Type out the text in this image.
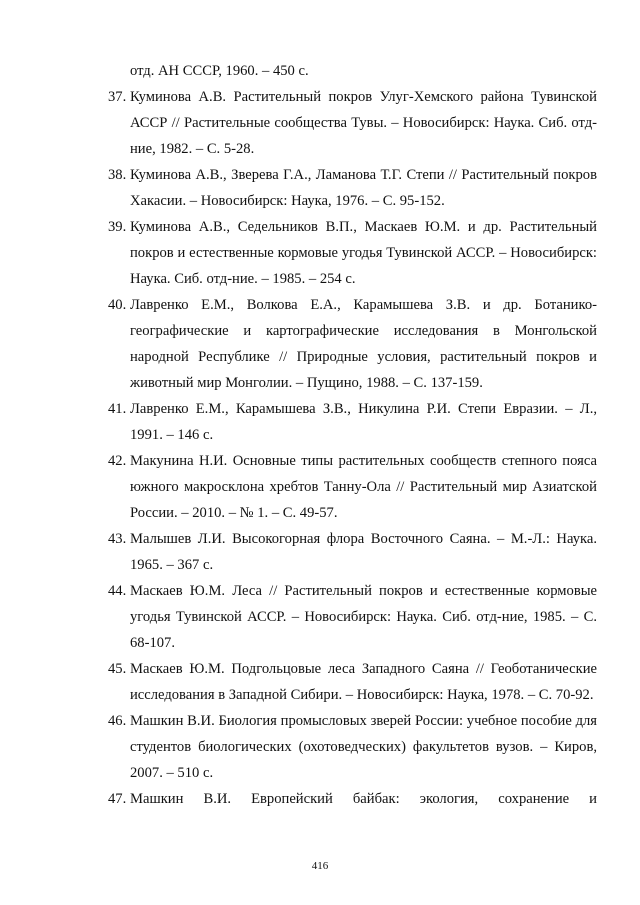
отд. АН СССР, 1960. – 450 с.

37. Куминова А.В. Растительный покров Улуг-Хемского района Тувинской АССР // Растительные сообщества Тувы. – Новосибирск: Наука. Сиб. отд-ние, 1982. – С. 5-28.

38. Куминова А.В., Зверева Г.А., Ламанова Т.Г. Степи // Растительный покров Хакасии. – Новосибирск: Наука, 1976. – С. 95-152.

39. Куминова А.В., Седельников В.П., Маскаев Ю.М. и др. Растительный покров и естественные кормовые угодья Тувинской АССР. – Новосибирск: Наука. Сиб. отд-ние. – 1985. – 254 с.

40. Лавренко Е.М., Волкова Е.А., Карамышева З.В. и др. Ботанико-географические и картографические исследования в Монгольской народной Республике // Природные условия, растительный покров и животный мир Монголии. – Пущино, 1988. – С. 137-159.

41. Лавренко Е.М., Карамышева З.В., Никулина Р.И. Степи Евразии. – Л., 1991. – 146 с.

42. Макунина Н.И. Основные типы растительных сообществ степного пояса южного макросклона хребтов Танну-Ола // Растительный мир Азиатской России. – 2010. – № 1. – С. 49-57.

43. Малышев Л.И. Высокогорная флора Восточного Саяна. – М.-Л.: Наука. 1965. – 367 с.

44. Маскаев Ю.М. Леса // Растительный покров и естественные кормовые угодья Тувинской АССР. – Новосибирск: Наука. Сиб. отд-ние, 1985. – С. 68-107.

45. Маскаев Ю.М. Подгольцовые леса Западного Саяна // Геоботанические исследования в Западной Сибири. – Новосибирск: Наука, 1978. – С. 70-92.

46. Машкин В.И. Биология промысловых зверей России: учебное пособие для студентов биологических (охотоведческих) факультетов вузов. – Киров, 2007. – 510 с.

47. Машкин В.И. Европейский байбак: экология, сохранение и

416
